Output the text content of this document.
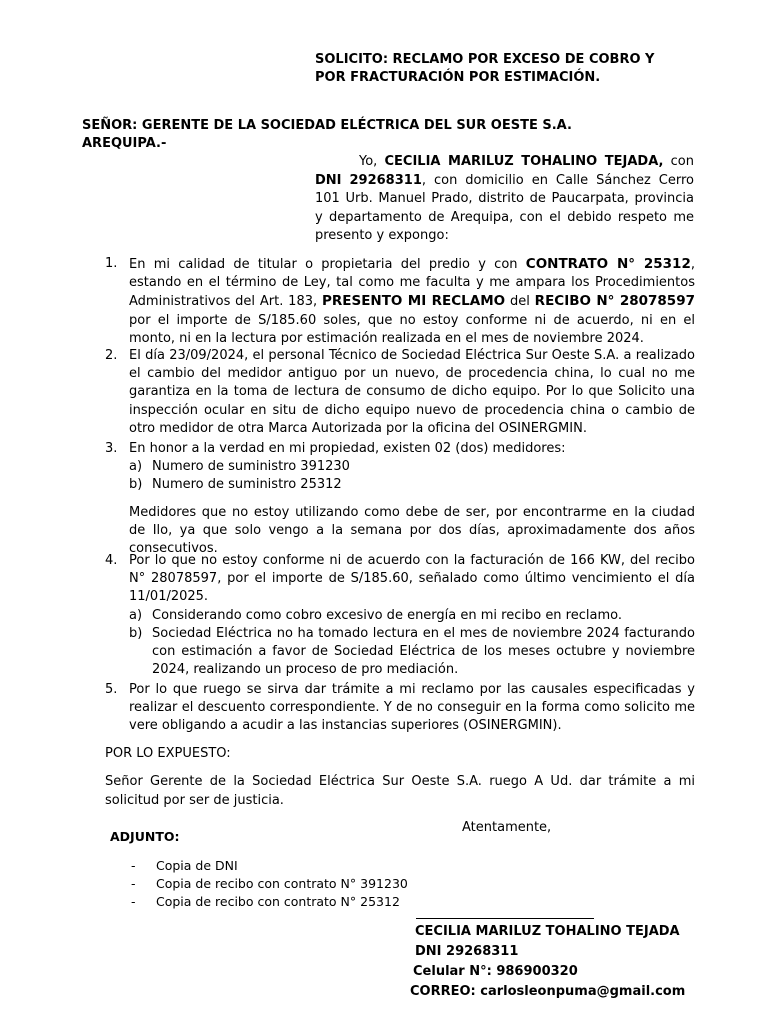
SOLICITO: RECLAMO POR EXCESO DE COBRO Y
POR FRACTURACIÓN POR ESTIMACIÓN.
SEÑOR: GERENTE DE LA SOCIEDAD ELÉCTRICA DEL SUR OESTE S.A.
AREQUIPA.-
Yo, CECILIA MARILUZ TOHALINO TEJADA, con DNI 29268311, con domicilio en Calle Sánchez Cerro 101 Urb. Manuel Prado, distrito de Paucarpata, provincia y departamento de Arequipa, con el debido respeto me presento y expongo:
1. En mi calidad de titular o propietaria del predio y con CONTRATO N° 25312, estando en el término de Ley, tal como me faculta y me ampara los Procedimientos Administrativos del Art. 183, PRESENTO MI RECLAMO del RECIBO N° 28078597 por el importe de S/185.60 soles, que no estoy conforme ni de acuerdo, ni en el monto, ni en la lectura por estimación realizada en el mes de noviembre 2024.
2. El día 23/09/2024, el personal Técnico de Sociedad Eléctrica Sur Oeste S.A. a realizado el cambio del medidor antiguo por un nuevo, de procedencia china, lo cual no me garantiza en la toma de lectura de consumo de dicho equipo. Por lo que Solicito una inspección ocular en situ de dicho equipo nuevo de procedencia china o cambio de otro medidor de otra Marca Autorizada por la oficina del OSINERGMIN.
3. En honor a la verdad en mi propiedad, existen 02 (dos) medidores:
a) Numero de suministro 391230
b) Numero de suministro 25312
Medidores que no estoy utilizando como debe de ser, por encontrarme en la ciudad de Ilo, ya que solo vengo a la semana por dos días, aproximadamente dos años consecutivos.
4. Por lo que no estoy conforme ni de acuerdo con la facturación de 166 KW, del recibo N° 28078597, por el importe de S/185.60, señalado como último vencimiento el día 11/01/2025.
a) Considerando como cobro excesivo de energía en mi recibo en reclamo.
b) Sociedad Eléctrica no ha tomado lectura en el mes de noviembre 2024 facturando con estimación a favor de Sociedad Eléctrica de los meses octubre y noviembre 2024, realizando un proceso de pro mediación.
5. Por lo que ruego se sirva dar trámite a mi reclamo por las causales especificadas y realizar el descuento correspondiente. Y de no conseguir en la forma como solicito me vere obligando a acudir a las instancias superiores (OSINERGMIN).
POR LO EXPUESTO:
Señor Gerente de la Sociedad Eléctrica Sur Oeste S.A. ruego A Ud. dar trámite a mi solicitud por ser de justicia.
Atentamente,
ADJUNTO:
- Copia de DNI
- Copia de recibo con contrato N° 391230
- Copia de recibo con contrato N° 25312
CECILIA MARILUZ TOHALINO TEJADA
DNI 29268311
Celular N°: 986900320
CORREO: carlosleonpuma@gmail.com
